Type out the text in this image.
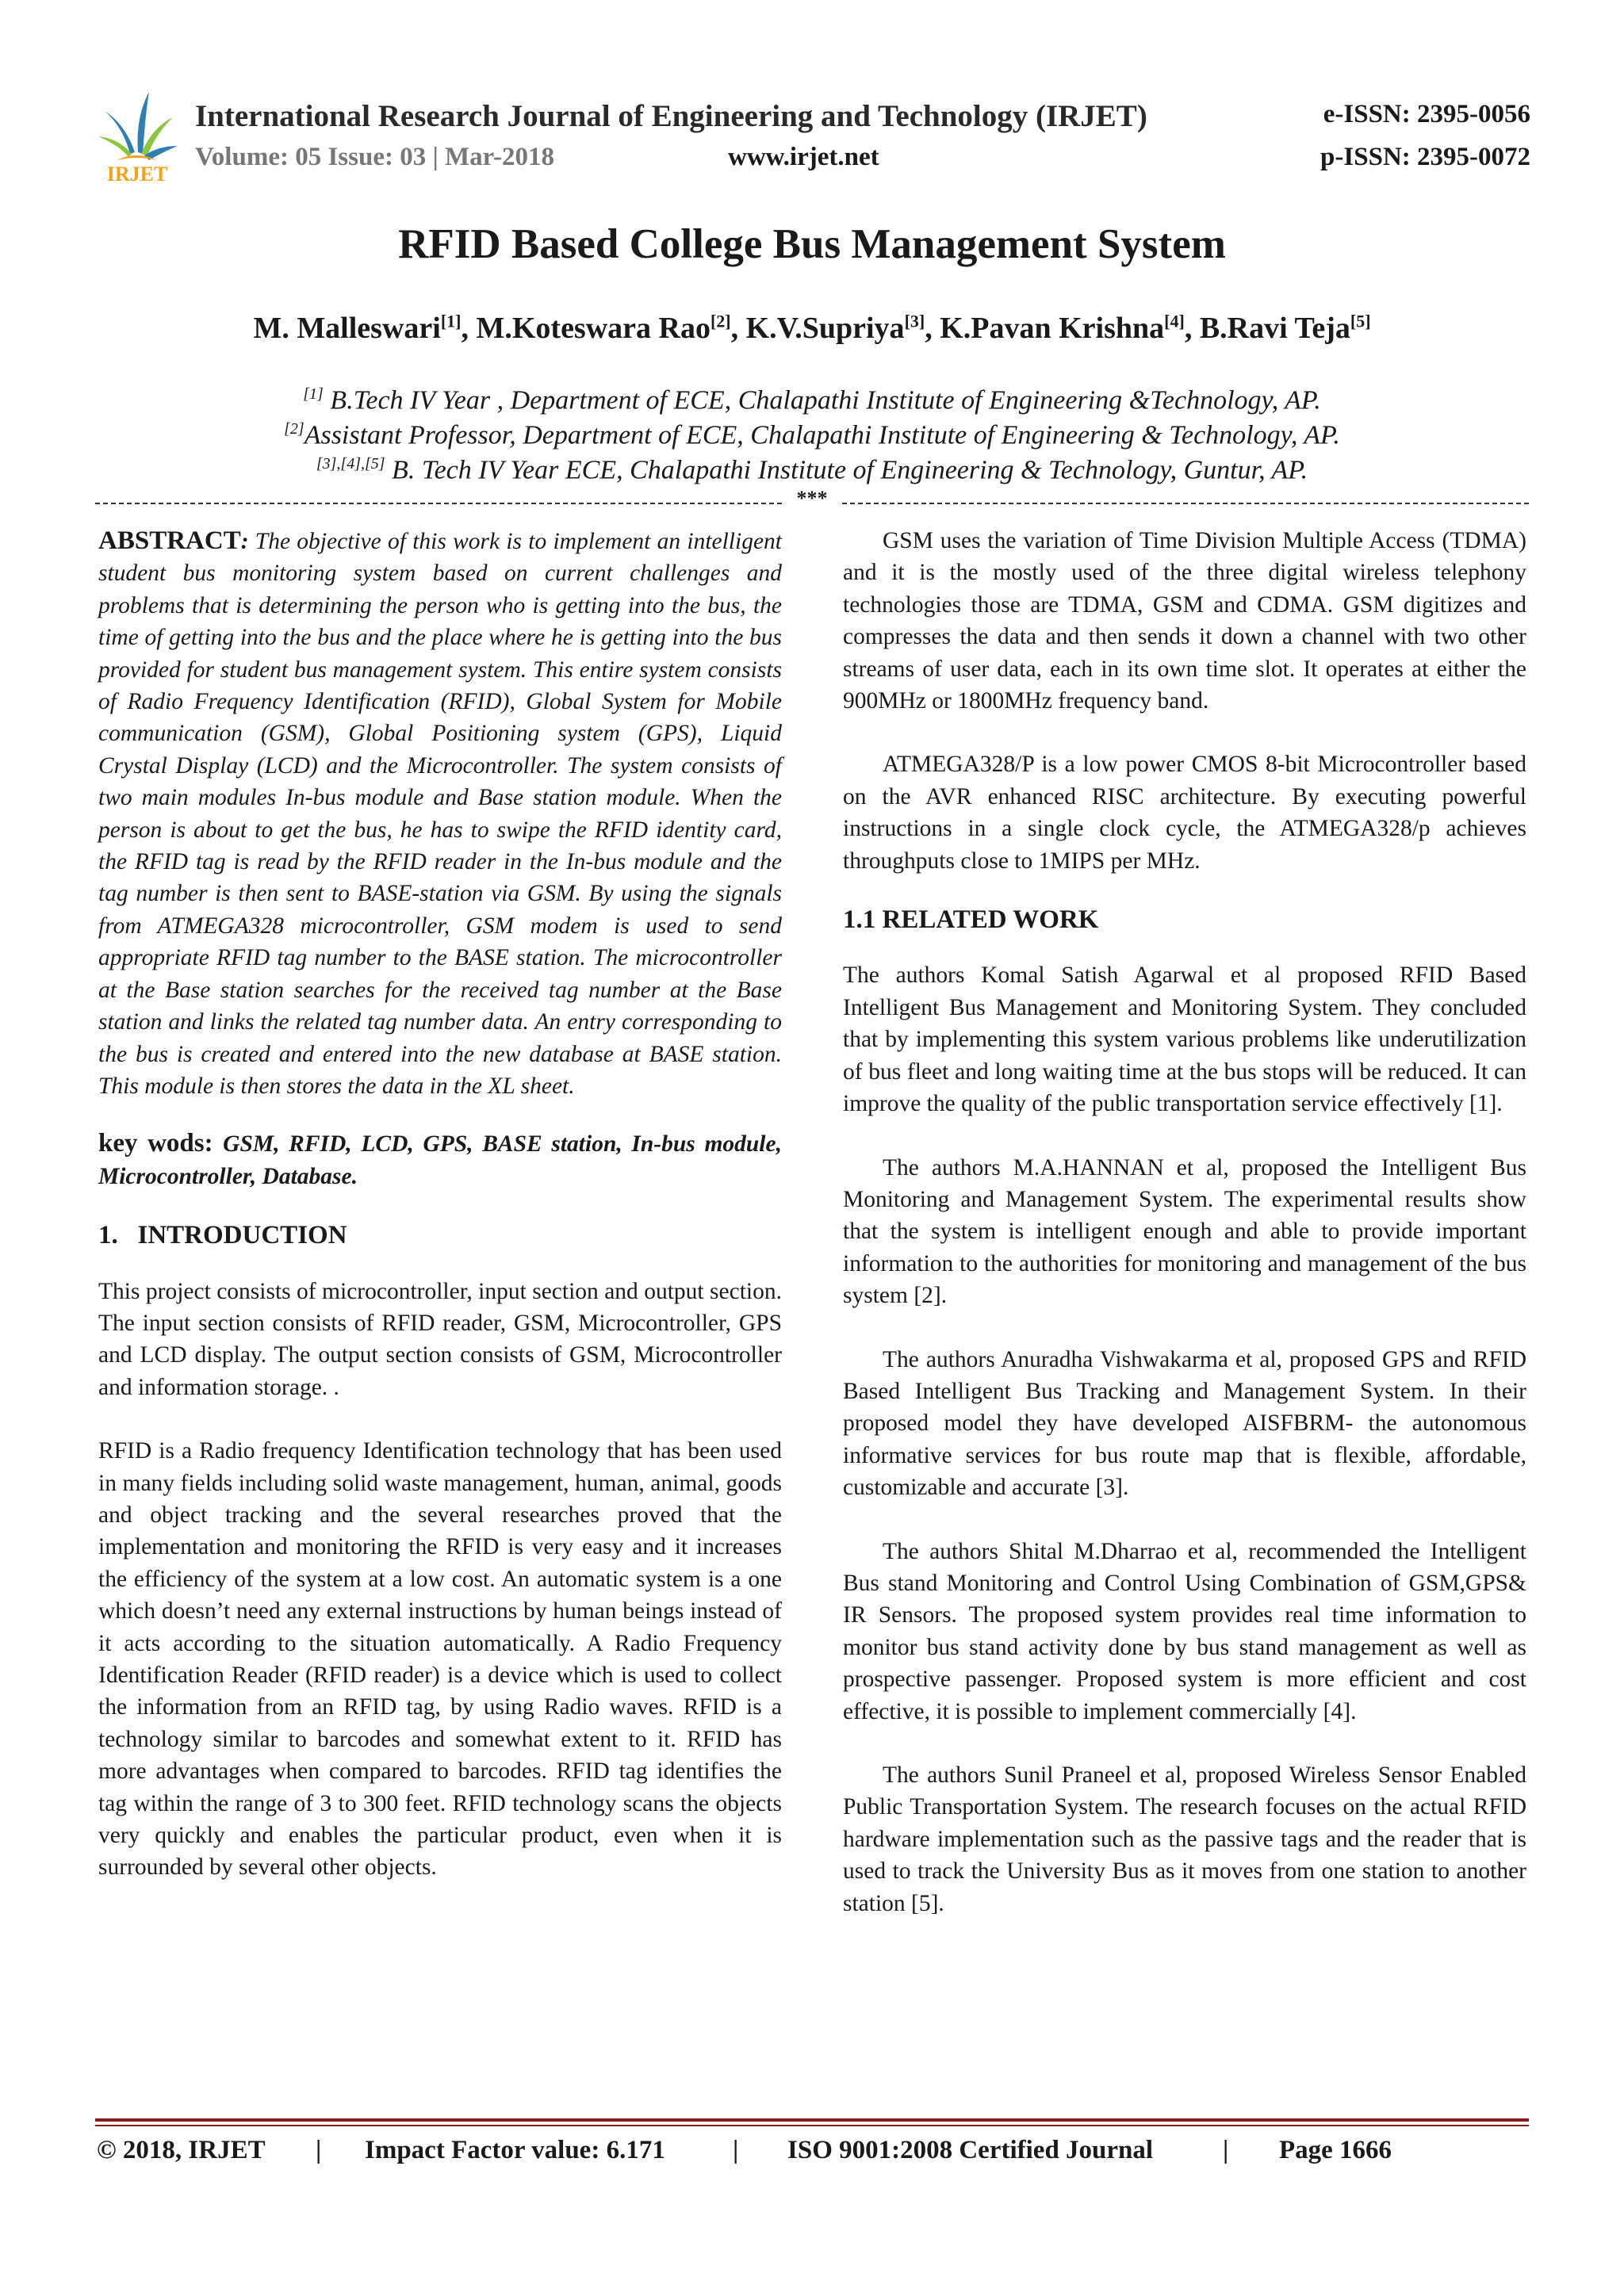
IRJET
International Research Journal of Engineering and Technology (IRJET)	e-ISSN: 2395-0056
Volume: 05 Issue: 03 | Mar-2018	www.irjet.net	p-ISSN: 2395-0072
RFID Based College Bus Management System
M. Malleswari[1], M.Koteswara Rao[2], K.V.Supriya[3], K.Pavan Krishna[4], B.Ravi Teja[5]
[1] B.Tech IV Year , Department of ECE, Chalapathi Institute of Engineering &Technology, AP.
[2]Assistant Professor, Department of ECE, Chalapathi Institute of Engineering & Technology, AP.
[3],[4],[5] B. Tech IV Year ECE, Chalapathi Institute of Engineering & Technology, Guntur, AP.
***

ABSTRACT: The objective of this work is to implement an intelligent student bus monitoring system based on current challenges and problems that is determining the person who is getting into the bus, the time of getting into the bus and the place where he is getting into the bus provided for student bus management system. This entire system consists of Radio Frequency Identification (RFID), Global System for Mobile communication (GSM), Global Positioning system (GPS), Liquid Crystal Display (LCD) and the Microcontroller. The system consists of two main modules In-bus module and Base station module. When the person is about to get the bus, he has to swipe the RFID identity card, the RFID tag is read by the RFID reader in the In-bus module and the tag number is then sent to BASE-station via GSM. By using the signals from ATMEGA328 microcontroller, GSM modem is used to send appropriate RFID tag number to the BASE station. The microcontroller at the Base station searches for the received tag number at the Base station and links the related tag number data. An entry corresponding to the bus is created and entered into the new database at BASE station. This module is then stores the data in the XL sheet.

key wods: GSM, RFID, LCD, GPS, BASE station, In-bus module, Microcontroller, Database.

1.   INTRODUCTION

This project consists of microcontroller, input section and output section. The input section consists of RFID reader, GSM, Microcontroller, GPS and LCD display. The output section consists of GSM, Microcontroller and information storage. .

RFID is a Radio frequency Identification technology that has been used in many fields including solid waste management, human, animal, goods and object tracking and the several researches proved that the implementation and monitoring the RFID is very easy and it increases the efficiency of the system at a low cost. An automatic system is a one which doesn’t need any external instructions by human beings instead of it acts according to the situation automatically. A Radio Frequency Identification Reader (RFID reader) is a device which is used to collect the information from an RFID tag, by using Radio waves. RFID is a technology similar to barcodes and somewhat extent to it. RFID has more advantages when compared to barcodes. RFID tag identifies the tag within the range of 3 to 300 feet. RFID technology scans the objects very quickly and enables the particular product, even when it is surrounded by several other objects.

GSM uses the variation of Time Division Multiple Access (TDMA) and it is the mostly used of the three digital wireless telephony technologies those are TDMA, GSM and CDMA. GSM digitizes and compresses the data and then sends it down a channel with two other streams of user data, each in its own time slot. It operates at either the 900MHz or 1800MHz frequency band.

ATMEGA328/P is a low power CMOS 8-bit Microcontroller based on the AVR enhanced RISC architecture. By executing powerful instructions in a single clock cycle, the ATMEGA328/p achieves throughputs close to 1MIPS per MHz.

1.1 RELATED WORK

The authors Komal Satish Agarwal et al proposed RFID Based Intelligent Bus Management and Monitoring System. They concluded that by implementing this system various problems like underutilization of bus fleet and long waiting time at the bus stops will be reduced. It can improve the quality of the public transportation service effectively [1].

The authors M.A.HANNAN et al, proposed the Intelligent Bus Monitoring and Management System. The experimental results show that the system is intelligent enough and able to provide important information to the authorities for monitoring and management of the bus system [2].

The authors Anuradha Vishwakarma et al, proposed GPS and RFID Based Intelligent Bus Tracking and Management System. In their proposed model they have developed AISFBRM- the autonomous informative services for bus route map that is flexible, affordable, customizable and accurate [3].

The authors Shital M.Dharrao et al, recommended the Intelligent Bus stand Monitoring and Control Using Combination of GSM,GPS& IR Sensors. The proposed system provides real time information to monitor bus stand activity done by bus stand management as well as prospective passenger. Proposed system is more efficient and cost effective, it is possible to implement commercially [4].

The authors Sunil Praneel et al, proposed Wireless Sensor Enabled Public Transportation System. The research focuses on the actual RFID hardware implementation such as the passive tags and the reader that is used to track the University Bus as it moves from one station to another station [5].

© 2018, IRJET | Impact Factor value: 6.171	| ISO 9001:2008 Certified Journal	| Page 1666
